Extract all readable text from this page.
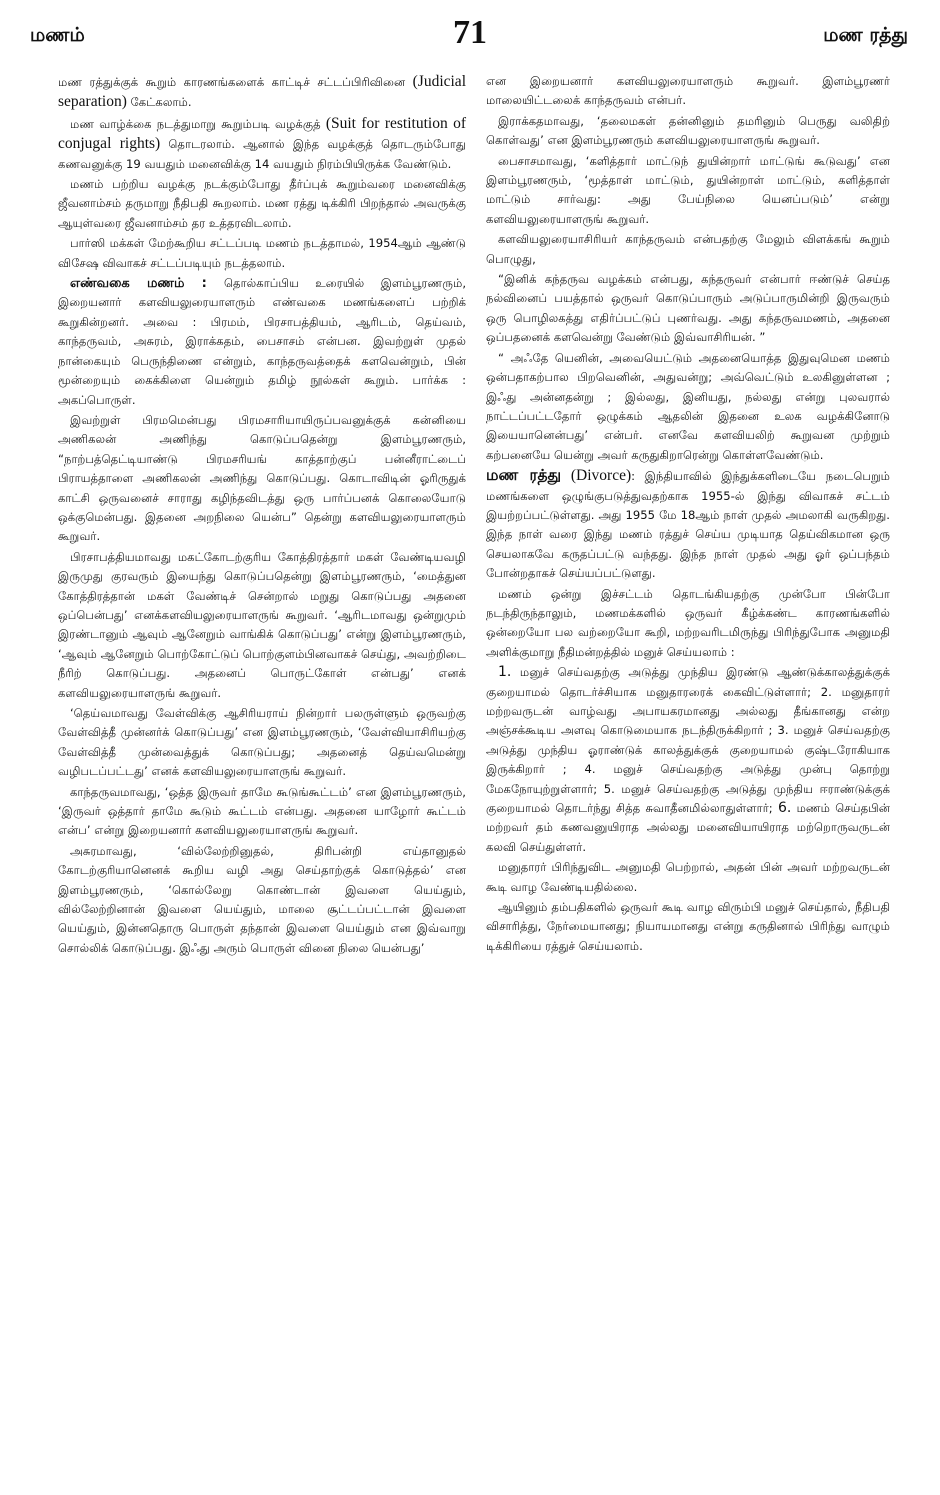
மணம்	71	மண ரத்து

மண ரத்துக்குக் கூறும் காரணங்களைக் காட்டிச் சட்டப்பிரிவினை (Judicial separation) கேட்கலாம்.

மண வாழ்க்கை நடத்துமாறு கூறும்படி வழக்குத் (Suit for restitution of conjugal rights) தொடரலாம். ஆனால் இந்த வழக்குத் தொடரும்போது கணவனுக்கு 19 வயதும் மனைவிக்கு 14 வயதும் நிரம்பியிருக்க வேண்டும்.

மணம் பற்றிய வழக்கு நடக்கும்போது தீர்ப்புக் கூறும்வரை மனைவிக்கு ஜீவனாம்சம் தருமாறு நீதிபதி கூறலாம். மண ரத்து டிக்கிரி பிறந்தால் அவருக்கு ஆயுள்வரை ஜீவனாம்சம் தர உத்தரவிடலாம்.

பார்ஸி மக்கள் மேற்கூறிய சட்டப்படி மணம் நடத்தாமல், 1954ஆம் ஆண்டு விசேஷ விவாகச் சட்டப்படியும் நடத்தலாம்.

எண்வகை மணம் : தொல்காப்பிய உரையில் இளம்பூரணரும், இறையனார் களவியலுரையாளரும் எண்வகை மணங்களைப் பற்றிக் கூறுகின்றனர். அவை : பிரமம், பிரசாபத்தியம், ஆரிடம், தெய்வம், காந்தருவம், அசுரம், இராக்கதம், பைசாசம் என்பன. இவற்றுள் முதல் நான்கையும் பெருந்திணை என்றும், காந்தருவத்தைக் களவென்றும், பின் மூன்றையும் கைக்கிளை யென்றும் தமிழ் நூல்கள் கூறும். பார்க்க : அகப்பொருள்.

இவற்றுள் பிரமமென்பது பிரமசாரியாயிருப்பவனுக்குக் கன்னியை அணிகலன் அணிந்து கொடுப்பதென்று இளம்பூரணரும், “நாற்பத்தெட்டியாண்டு பிரமசரியங் காத்தாற்குப் பன்னீராட்டைப் பிராயத்தாளை அணிகலன் அணிந்து கொடுப்பது. கொடாவிடின் ஓரிருதுக் காட்சி ஒருவனைச் சாராது கழிந்தவிடத்து ஒரு பார்ப்பனக் கொலையோடு ஒக்குமென்பது. இதனை அறநிலை யென்ப” தென்று களவியலுரையாளரும் கூறுவர்.

பிரசாபத்தியமாவது மகட்கோடற்குரிய கோத்திரத்தார் மகள் வேண்டியவழி இருமுது குரவரும் இயைந்து கொடுப்பதென்று இளம்பூரணரும், ‘மைத்துன கோத்திரத்தான் மகள் வேண்டிச் சென்றால் மறுது கொடுப்பது அதனை ஒப்பென்பது’ எனக்களவியலுரையாளருங் கூறுவர். ‘ஆரிடமாவது ஒன்றுமும் இரண்டானும் ஆவும் ஆனேறும் வாங்கிக் கொடுப்பது’ என்று இளம்பூரணரும், ‘ஆவும் ஆனேறும் பொற்கோட்டுப் பொற்குளம்பினவாகச் செய்து, அவற்றிடை நீரிற் கொடுப்பது. அதனைப் பொருட்கோள் என்பது’ எனக் களவியலுரையாளருங் கூறுவர்.

‘தெய்வமாவது வேள்விக்கு ஆசிரியராய் நின்றார் பலருள்ளும் ஒருவற்கு வேள்வித்தீ முன்னர்க் கொடுப்பது’ என இளம்பூரணரும், ‘வேள்வியாசிரியற்கு வேள்வித்தீ முன்வைத்துக் கொடுப்பது; அதனைத் தெய்வமென்று வழிபடப்பட்டது’ எனக் களவியலுரையாளருங் கூறுவர்.

காந்தருவமாவது, ‘ஒத்த இருவர் தாமே கூடுங்கூட்டம்’ என இளம்பூரணரும், ‘இருவர் ஒத்தார் தாமே கூடும் கூட்டம் என்பது. அதனை யாழோர் கூட்டம் என்ப’ என்று இறையனார் களவியலுரையாளருங் கூறுவர்.

அசுரமாவது, ‘வில்லேற்றினுதல், திரிபன்றி எய்தானுதல் கோடற்குரியானெனக் கூறிய வழி அது செய்தாற்குக் கொடுத்தல்’ என இளம்பூரணரும், ‘கொல்லேறு கொண்டான் இவளை யெய்தும், வில்லேற்றினான் இவளை யெய்தும், மாலை சூட்டப்பட்டான் இவளை யெய்தும், இன்னதொரு பொருள் தந்தான் இவளை யெய்தும் என இவ்வாறு சொல்லிக் கொடுப்பது. இஃது அரும் பொருள் வினை நிலை யென்பது’

என இறையனார் களவியலுரையாளரும் கூறுவர். இளம்பூரணர் மாலையிட்டலைக் காந்தருவம் என்பர்.

இராக்கதமாவது, ‘தலைமகள் தன்னினும் தமரினும் பெருது வலிதிற் கொள்வது’ என இளம்பூரணரும் களவியலுரையாளருங் கூறுவர்.

பைசாசமாவது, ‘களித்தார் மாட்டுந் துயின்றார் மாட்டுங் கூடுவது’ என இளம்பூரணரும், ‘மூத்தாள் மாட்டும், துயின்றாள் மாட்டும், களித்தாள் மாட்டும் சார்வது: அது பேய்நிலை யெனப்படும்’ என்று களவியலுரையாளருங் கூறுவர்.

களவியலுரையாசிரியர் காந்தருவம் என்பதற்கு மேலும் விளக்கங் கூறும் பொழுது,

“இனிக் கந்தருவ வழக்கம் என்பது, கந்தருவர் என்பார் ஈண்டுச் செய்த நல்வினைப் பயத்தால் ஒருவர் கொடுப்பாரும் அடுப்பாருமின்றி இருவரும் ஒரு பொழிலகத்து எதிர்ப்பட்டுப் புணர்வது. அது கந்தருவமணம், அதனை ஒப்பதனைக் களவென்று வேண்டும் இவ்வாசிரியன். ”

“ அஃதே யெனின், அவையெட்டும் அதனையொத்த இதுவுமென மணம் ஒன்பதாகற்பால பிறவெனின், அதுவன்று; அவ்வெட்டும் உலகினுள்ளன ; இஃது அன்னதன்று ; இல்லது, இனியது, நல்லது என்று புலவரால் நாட்டப்பட்டதோர் ஒழுக்கம் ஆதலின் இதனை உலக வழக்கினோடு இயையானென்பது’ என்பர். எனவே களவியலிற் கூறுவன முற்றும் கற்பனையே யென்று அவர் கருதுகிறாரென்று கொள்ளவேண்டும்.

மண ரத்து (Divorce): இந்தியாவில் இந்துக்களிடையே நடைபெறும் மணங்களை ஒழுங்குபடுத்துவதற்காக 1955-ல் இந்து விவாகச் சட்டம் இயற்றப்பட்டுள்ளது. அது 1955 மே 18ஆம் நாள் முதல் அமலாகி வருகிறது. இந்த நாள் வரை இந்து மணம் ரத்துச் செய்ய முடியாத தெய்விகமான ஒரு செயலாகவே கருதப்பட்டு வந்தது. இந்த நாள் முதல் அது ஓர் ஒப்பந்தம் போன்றதாகச் செய்யப்பட்டுளது.

மணம் ஒன்று இச்சட்டம் தொடங்கியதற்கு முன்போ பின்போ நடந்திருந்தாலும், மணமக்களில் ஒருவர் கீழ்க்கண்ட காரணங்களில் ஒன்றையோ பல வற்றையோ கூறி, மற்றவரிடமிருந்து பிரிந்துபோக அனுமதி அளிக்குமாறு நீதிமன்றத்தில் மனுச் செய்யலாம் :

1. மனுச் செய்வதற்கு அடுத்து முந்திய இரண்டு ஆண்டுக்காலத்துக்குக் குறையாமல் தொடர்ச்சியாக மனுதாரரைக் கைவிட்டுள்ளார்; 2. மனுதாரர் மற்றவருடன் வாழ்வது அபாயகரமானது அல்லது தீங்கானது என்ற அஞ்சக்கூடிய அளவு கொடுமையாக நடந்திருக்கிறார் ; 3. மனுச் செய்வதற்கு அடுத்து முந்திய ஓராண்டுக் காலத்துக்குக் குறையாமல் குஷ்டரோகியாக இருக்கிறார் ; 4. மனுச் செய்வதற்கு அடுத்து முன்பு தொற்று மேகநோயுற்றுள்ளார்; 5. மனுச் செய்வதற்கு அடுத்து முந்திய ஈராண்டுக்குக் குறையாமல் தொடர்ந்து சித்த சுவாதீனமில்லாதுள்ளார்; 6. மணம் செய்தபின் மற்றவர் தம் கணவனுயிராத அல்லது மனைவியாயிராத மற்றொருவருடன் கலவி செய்துள்ளர்.

மனுதாரர் பிரிந்துவிட அனுமதி பெற்றால், அதன் பின் அவர் மற்றவருடன் கூடி வாழ வேண்டியதில்லை.

ஆயினும் தம்பதிகளில் ஒருவர் கூடி வாழ விரும்பி மனுச் செய்தால், நீதிபதி விசாரித்து, நேர்மையானது; நியாயமானது என்று கருதினால் பிரிந்து வாழும் டிக்கிரியை ரத்துச் செய்யலாம்.
